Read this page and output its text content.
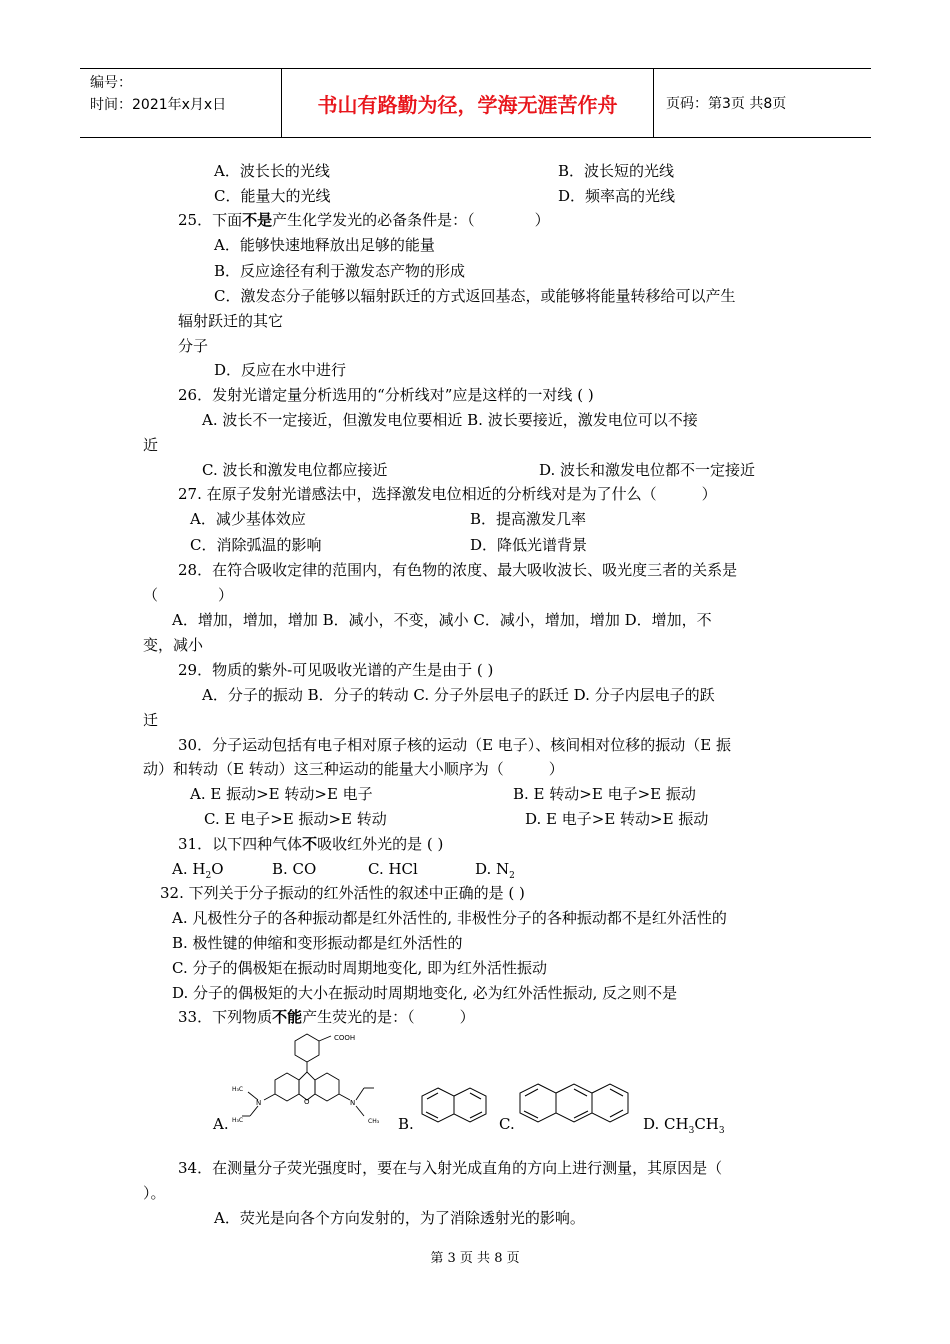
编号：
时间：2021年x月x日	书山有路勤为径，学海无涯苦作舟	页码：第3页 共8页
A．波长长的光线	B．波长短的光线
C．能量大的光线	D．频率高的光线
25．下面不是产生化学发光的必备条件是：（　　　　）
A．能够快速地释放出足够的能量
B．反应途径有利于激发态产物的形成
C．激发态分子能够以辐射跃迁的方式返回基态，或能够将能量转移给可以产生
辐射跃迁的其它
分子
D．反应在水中进行
26．发射光谱定量分析选用的“分析线对”应是这样的一对线 ( )
A. 波长不一定接近，但激发电位要相近 B. 波长要接近，激发电位可以不接
近
C. 波长和激发电位都应接近	D. 波长和激发电位都不一定接近
27. 在原子发射光谱感法中，选择激发电位相近的分析线对是为了什么（　　　）
A．减少基体效应	B．提高激发几率
C．消除弧温的影响	D．降低光谱背景
28．在符合吸收定律的范围内，有色物的浓度、最大吸收波长、吸光度三者的关系是
（　　　　）
A．增加，增加，增加 B．减小，不变，减小 C．减小，增加，增加 D．增加，不
变，减小
29．物质的紫外-可见吸收光谱的产生是由于 ( )
A．分子的振动 B．分子的转动 C. 分子外层电子的跃迁 D. 分子内层电子的跃
迁
30．分子运动包括有电子相对原子核的运动（E 电子）、核间相对位移的振动（E 振
动）和转动（E 转动）这三种运动的能量大小顺序为（　　　）
A. E 振动>E 转动>E 电子	B. E 转动>E 电子>E 振动
C. E 电子>E 振动>E 转动	D. E 电子>E 转动>E 振动
31．以下四种气体不吸收红外光的是 ( )
A. $H_2O$	B. CO	C. HCl	D. $N_2$
32. 下列关于分子振动的红外活性的叙述中正确的是 ( )
A. 凡极性分子的各种振动都是红外活性的, 非极性分子的各种振动都不是红外活性的
B. 极性键的伸缩和变形振动都是红外活性的
C. 分子的偶极矩在振动时周期地变化, 即为红外活性振动
D. 分子的偶极矩的大小在振动时周期地变化, 必为红外活性振动, 反之则不是
33．下列物质不能产生荧光的是：（　　　）
COOH
N	N
O
H₃C
H₃C	CH₃
A.	B.	C.	D. $CH_3CH_3$
34．在测量分子荧光强度时，要在与入射光成直角的方向上进行测量，其原因是（
）。
A．荧光是向各个方向发射的，为了消除透射光的影响。
第 3 页 共 8 页
